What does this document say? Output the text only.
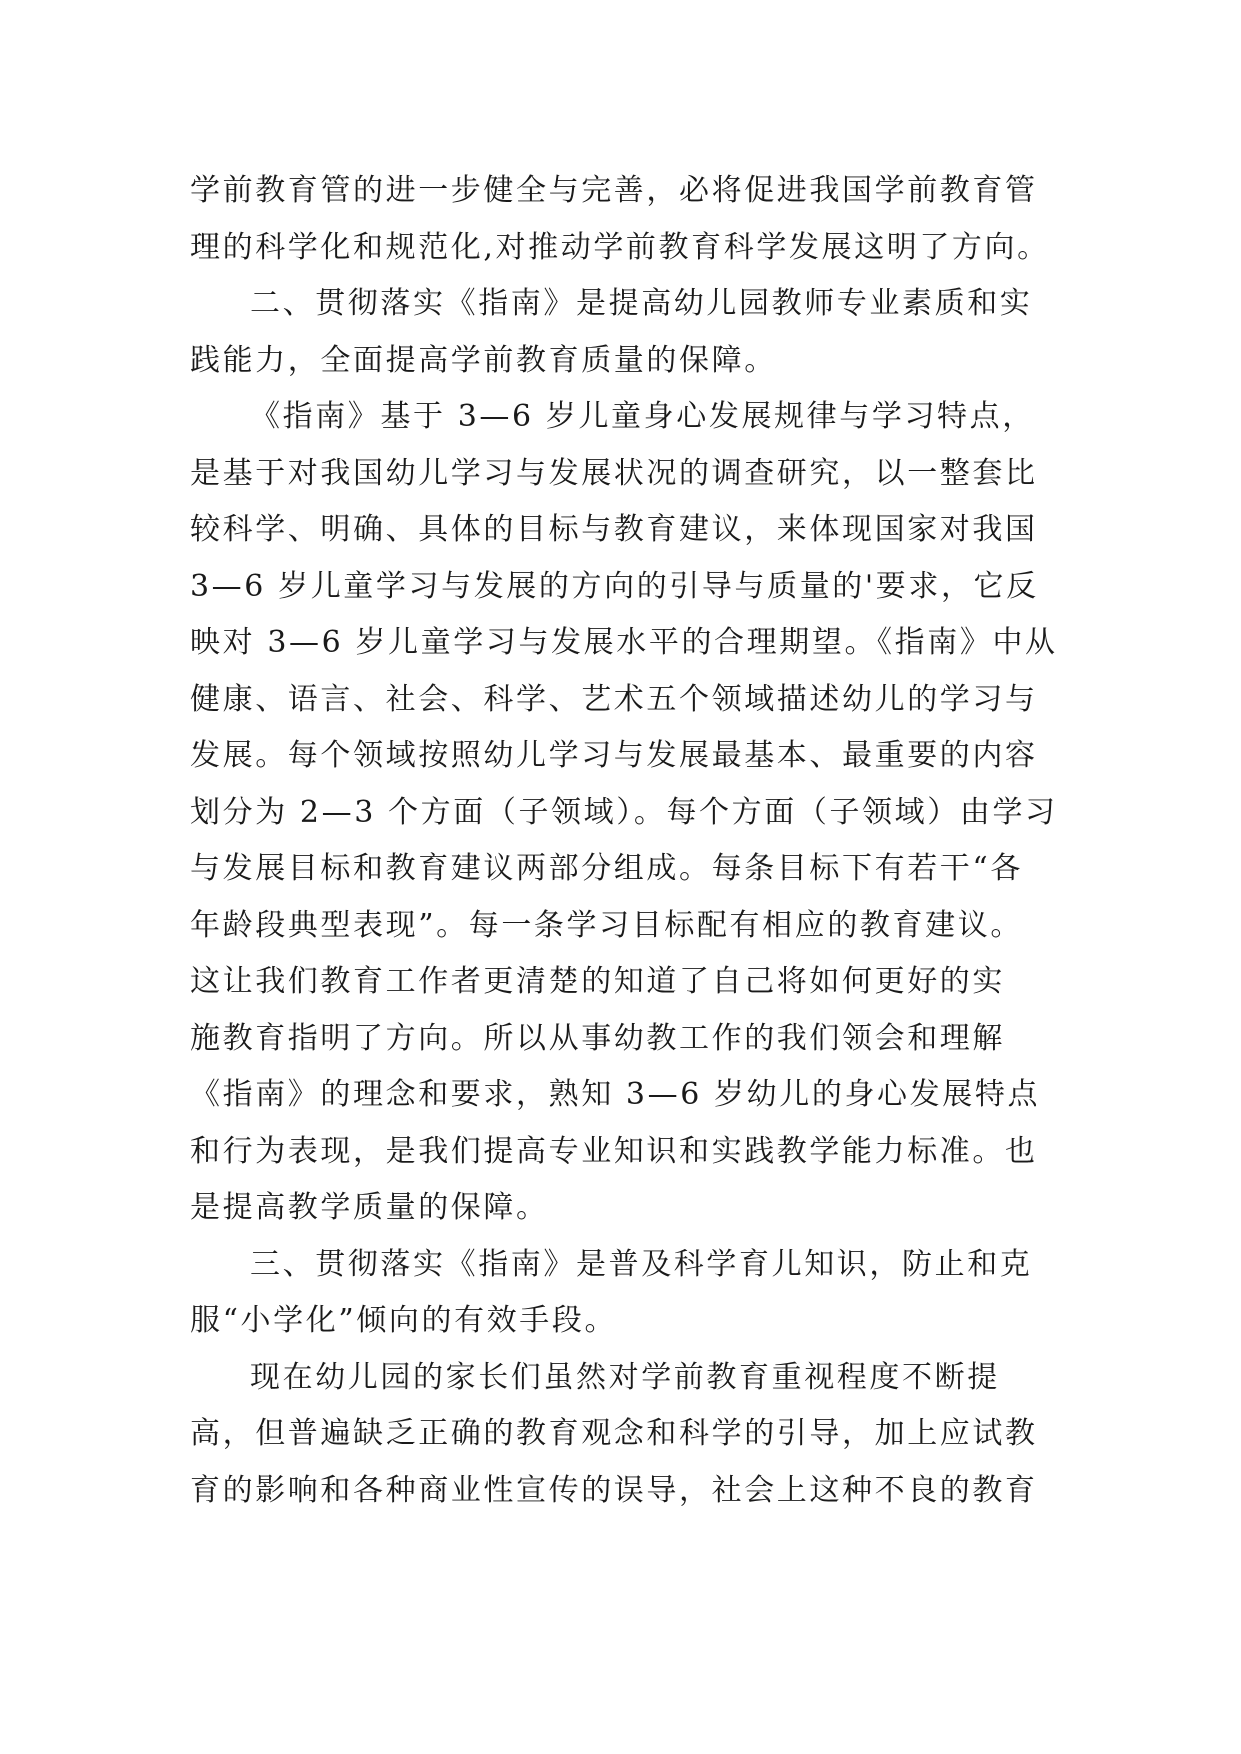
学前教育管的进一步健全与完善，必将促进我国学前教育管
理的科学化和规范化,对推动学前教育科学发展这明了方向。
二、贯彻落实《指南》是提高幼儿园教师专业素质和实
践能力，全面提高学前教育质量的保障。
《指南》基于 3—6 岁儿童身心发展规律与学习特点，
是基于对我国幼儿学习与发展状况的调查研究，以一整套比
较科学、明确、具体的目标与教育建议，来体现国家对我国
3—6 岁儿童学习与发展的方向的引导与质量的'要求，它反
映对 3—6 岁儿童学习与发展水平的合理期望。《指南》中从
健康、语言、社会、科学、艺术五个领域描述幼儿的学习与
发展。每个领域按照幼儿学习与发展最基本、最重要的内容
划分为 2—3 个方面（子领域）。每个方面（子领域）由学习
与发展目标和教育建议两部分组成。每条目标下有若干“各
年龄段典型表现”。每一条学习目标配有相应的教育建议。
这让我们教育工作者更清楚的知道了自己将如何更好的实
施教育指明了方向。所以从事幼教工作的我们领会和理解
《指南》的理念和要求，熟知 3—6 岁幼儿的身心发展特点
和行为表现，是我们提高专业知识和实践教学能力标准。也
是提高教学质量的保障。
三、贯彻落实《指南》是普及科学育儿知识，防止和克
服“小学化”倾向的有效手段。
现在幼儿园的家长们虽然对学前教育重视程度不断提
高，但普遍缺乏正确的教育观念和科学的引导，加上应试教
育的影响和各种商业性宣传的误导，社会上这种不良的教育
